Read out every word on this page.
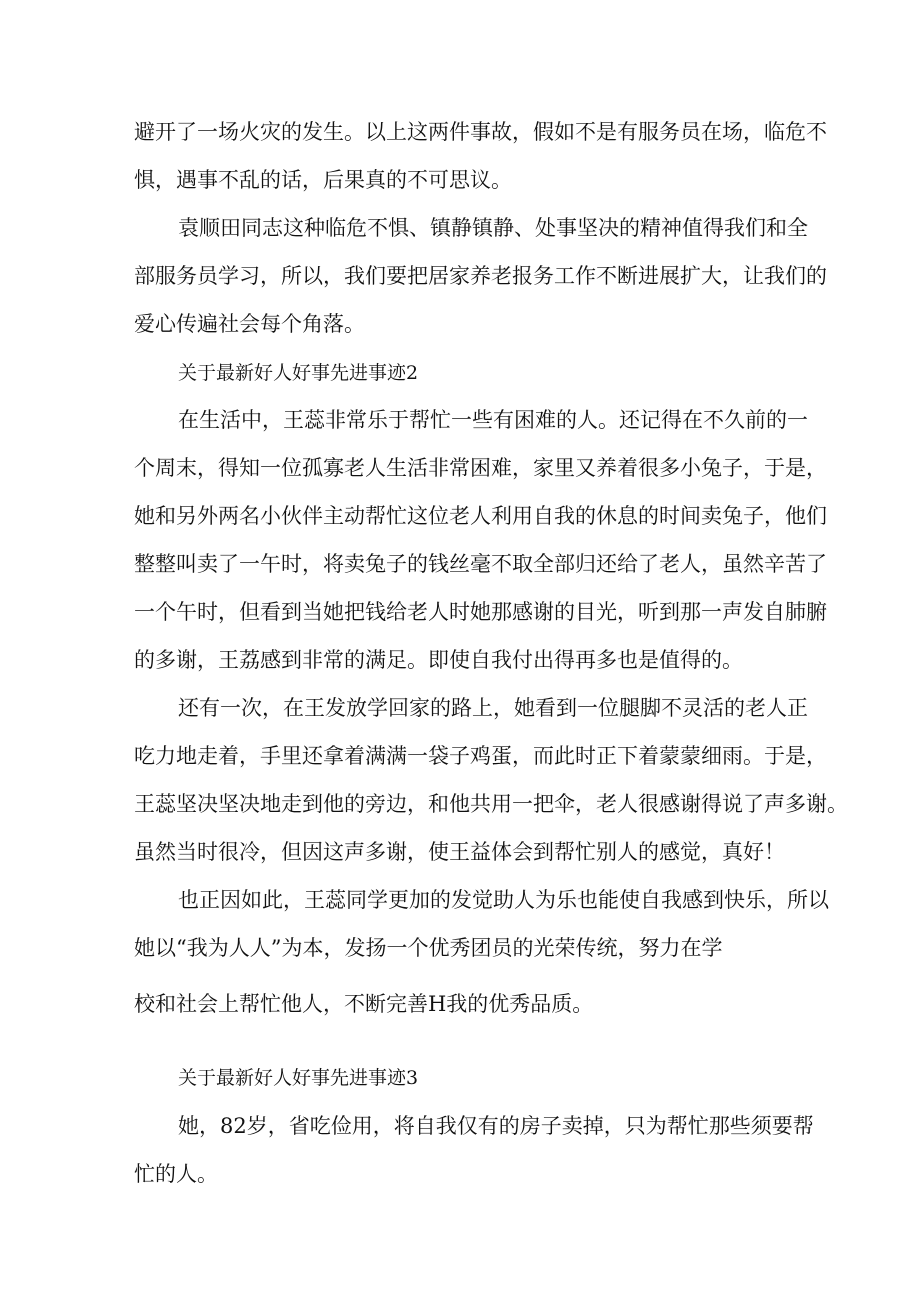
避开了一场火灾的发生。以上这两件事故，假如不是有服务员在场，临危不
惧，遇事不乱的话，后果真的不可思议。
袁顺田同志这种临危不惧、镇静镇静、处事坚决的精神值得我们和全
部服务员学习，所以，我们要把居家养老报务工作不断进展扩大，让我们的
爱心传遍社会每个角落。
关于最新好人好事先进事迹2
在生活中，王蕊非常乐于帮忙一些有困难的人。还记得在不久前的一
个周末，得知一位孤寡老人生活非常困难，家里又养着很多小兔子，于是，
她和另外两名小伙伴主动帮忙这位老人利用自我的休息的时间卖兔子，他们
整整叫卖了一午时，将卖兔子的钱丝毫不取全部归还给了老人，虽然辛苦了
一个午时，但看到当她把钱给老人时她那感谢的目光，听到那一声发自肺腑
的多谢，王荔感到非常的满足。即使自我付出得再多也是值得的。
还有一次，在王发放学回家的路上，她看到一位腿脚不灵活的老人正
吃力地走着，手里还拿着满满一袋子鸡蛋，而此时正下着蒙蒙细雨。于是，
王蕊坚决坚决地走到他的旁边，和他共用一把伞，老人很感谢得说了声多谢。
虽然当时很冷，但因这声多谢，使王益体会到帮忙别人的感觉，真好！
也正因如此，王蕊同学更加的发觉助人为乐也能使自我感到快乐，所以
她以“我为人人”为本，发扬一个优秀团员的光荣传统，努力在学
校和社会上帮忙他人，不断完善H我的优秀品质。
关于最新好人好事先进事迹3
她，82岁，省吃俭用，将自我仅有的房子卖掉，只为帮忙那些须要帮
忙的人。
